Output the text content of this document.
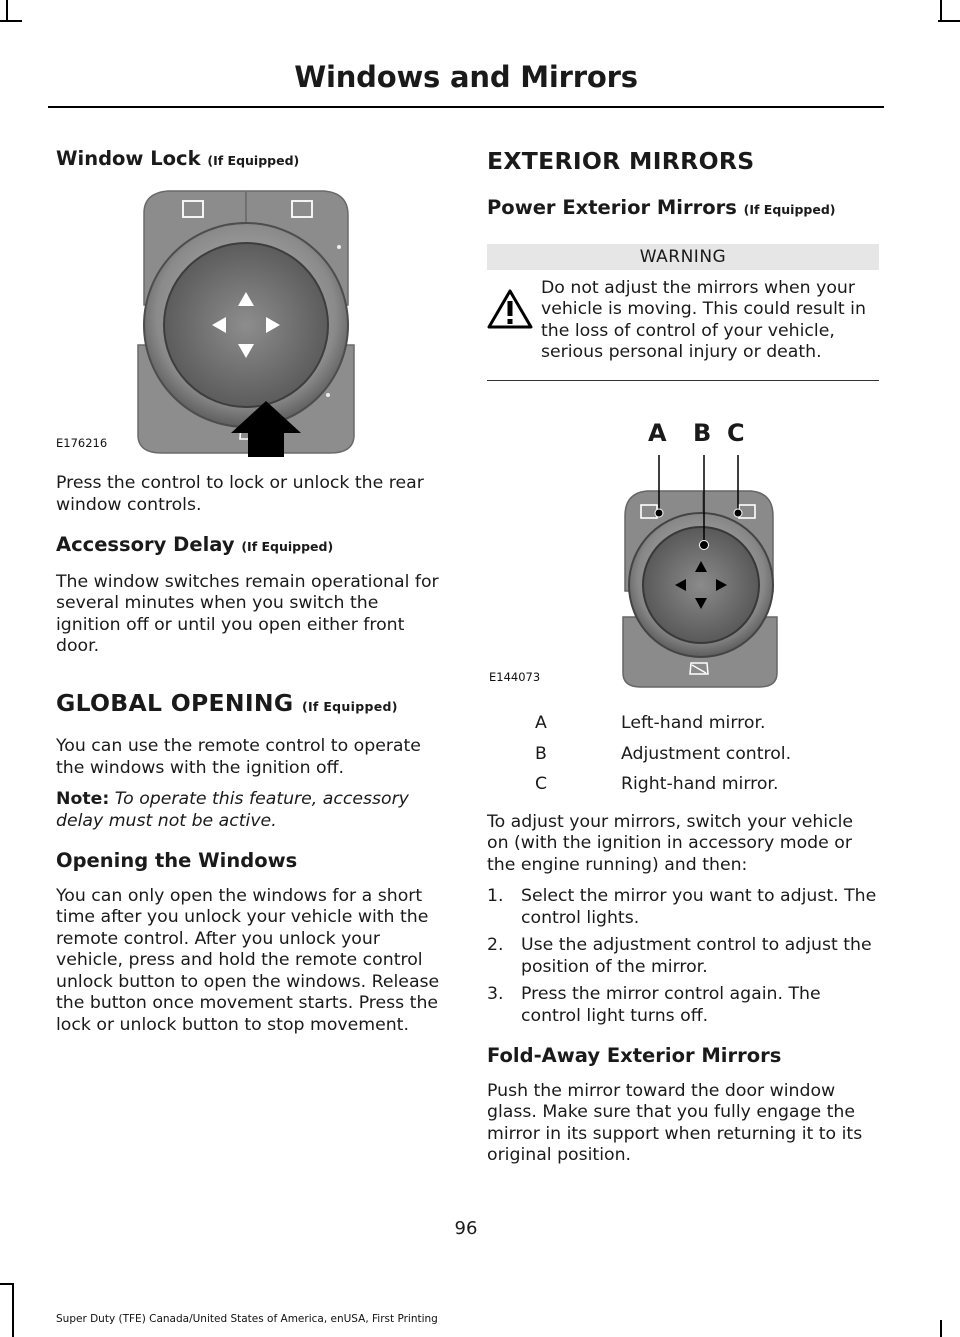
Windows and Mirrors
Window Lock (If Equipped)
E176216

Press the control to lock or unlock the rear window controls.

Accessory Delay (If Equipped)

The window switches remain operational for several minutes when you switch the ignition off or until you open either front door.

GLOBAL OPENING (If Equipped)

You can use the remote control to operate the windows with the ignition off.

Note: To operate this feature, accessory delay must not be active.

Opening the Windows

You can only open the windows for a short time after you unlock your vehicle with the remote control. After you unlock your vehicle, press and hold the remote control unlock button to open the windows. Release the button once movement starts. Press the lock or unlock button to stop movement.

EXTERIOR MIRRORS
Power Exterior Mirrors (If Equipped)
WARNING

Do not adjust the mirrors when your vehicle is moving. This could result in the loss of control of your vehicle, serious personal injury or death.

A B C
E144073
A	Left-hand mirror.
B	Adjustment control.
C	Right-hand mirror.

To adjust your mirrors, switch your vehicle on (with the ignition in accessory mode or the engine running) and then:

1.	Select the mirror you want to adjust. The control lights.
2.	Use the adjustment control to adjust the position of the mirror.
3.	Press the mirror control again. The control light turns off.
Fold-Away Exterior Mirrors

Push the mirror toward the door window glass. Make sure that you fully engage the mirror in its support when returning it to its original position.

96
Super Duty (TFE) Canada/United States of America, enUSA, First Printing
